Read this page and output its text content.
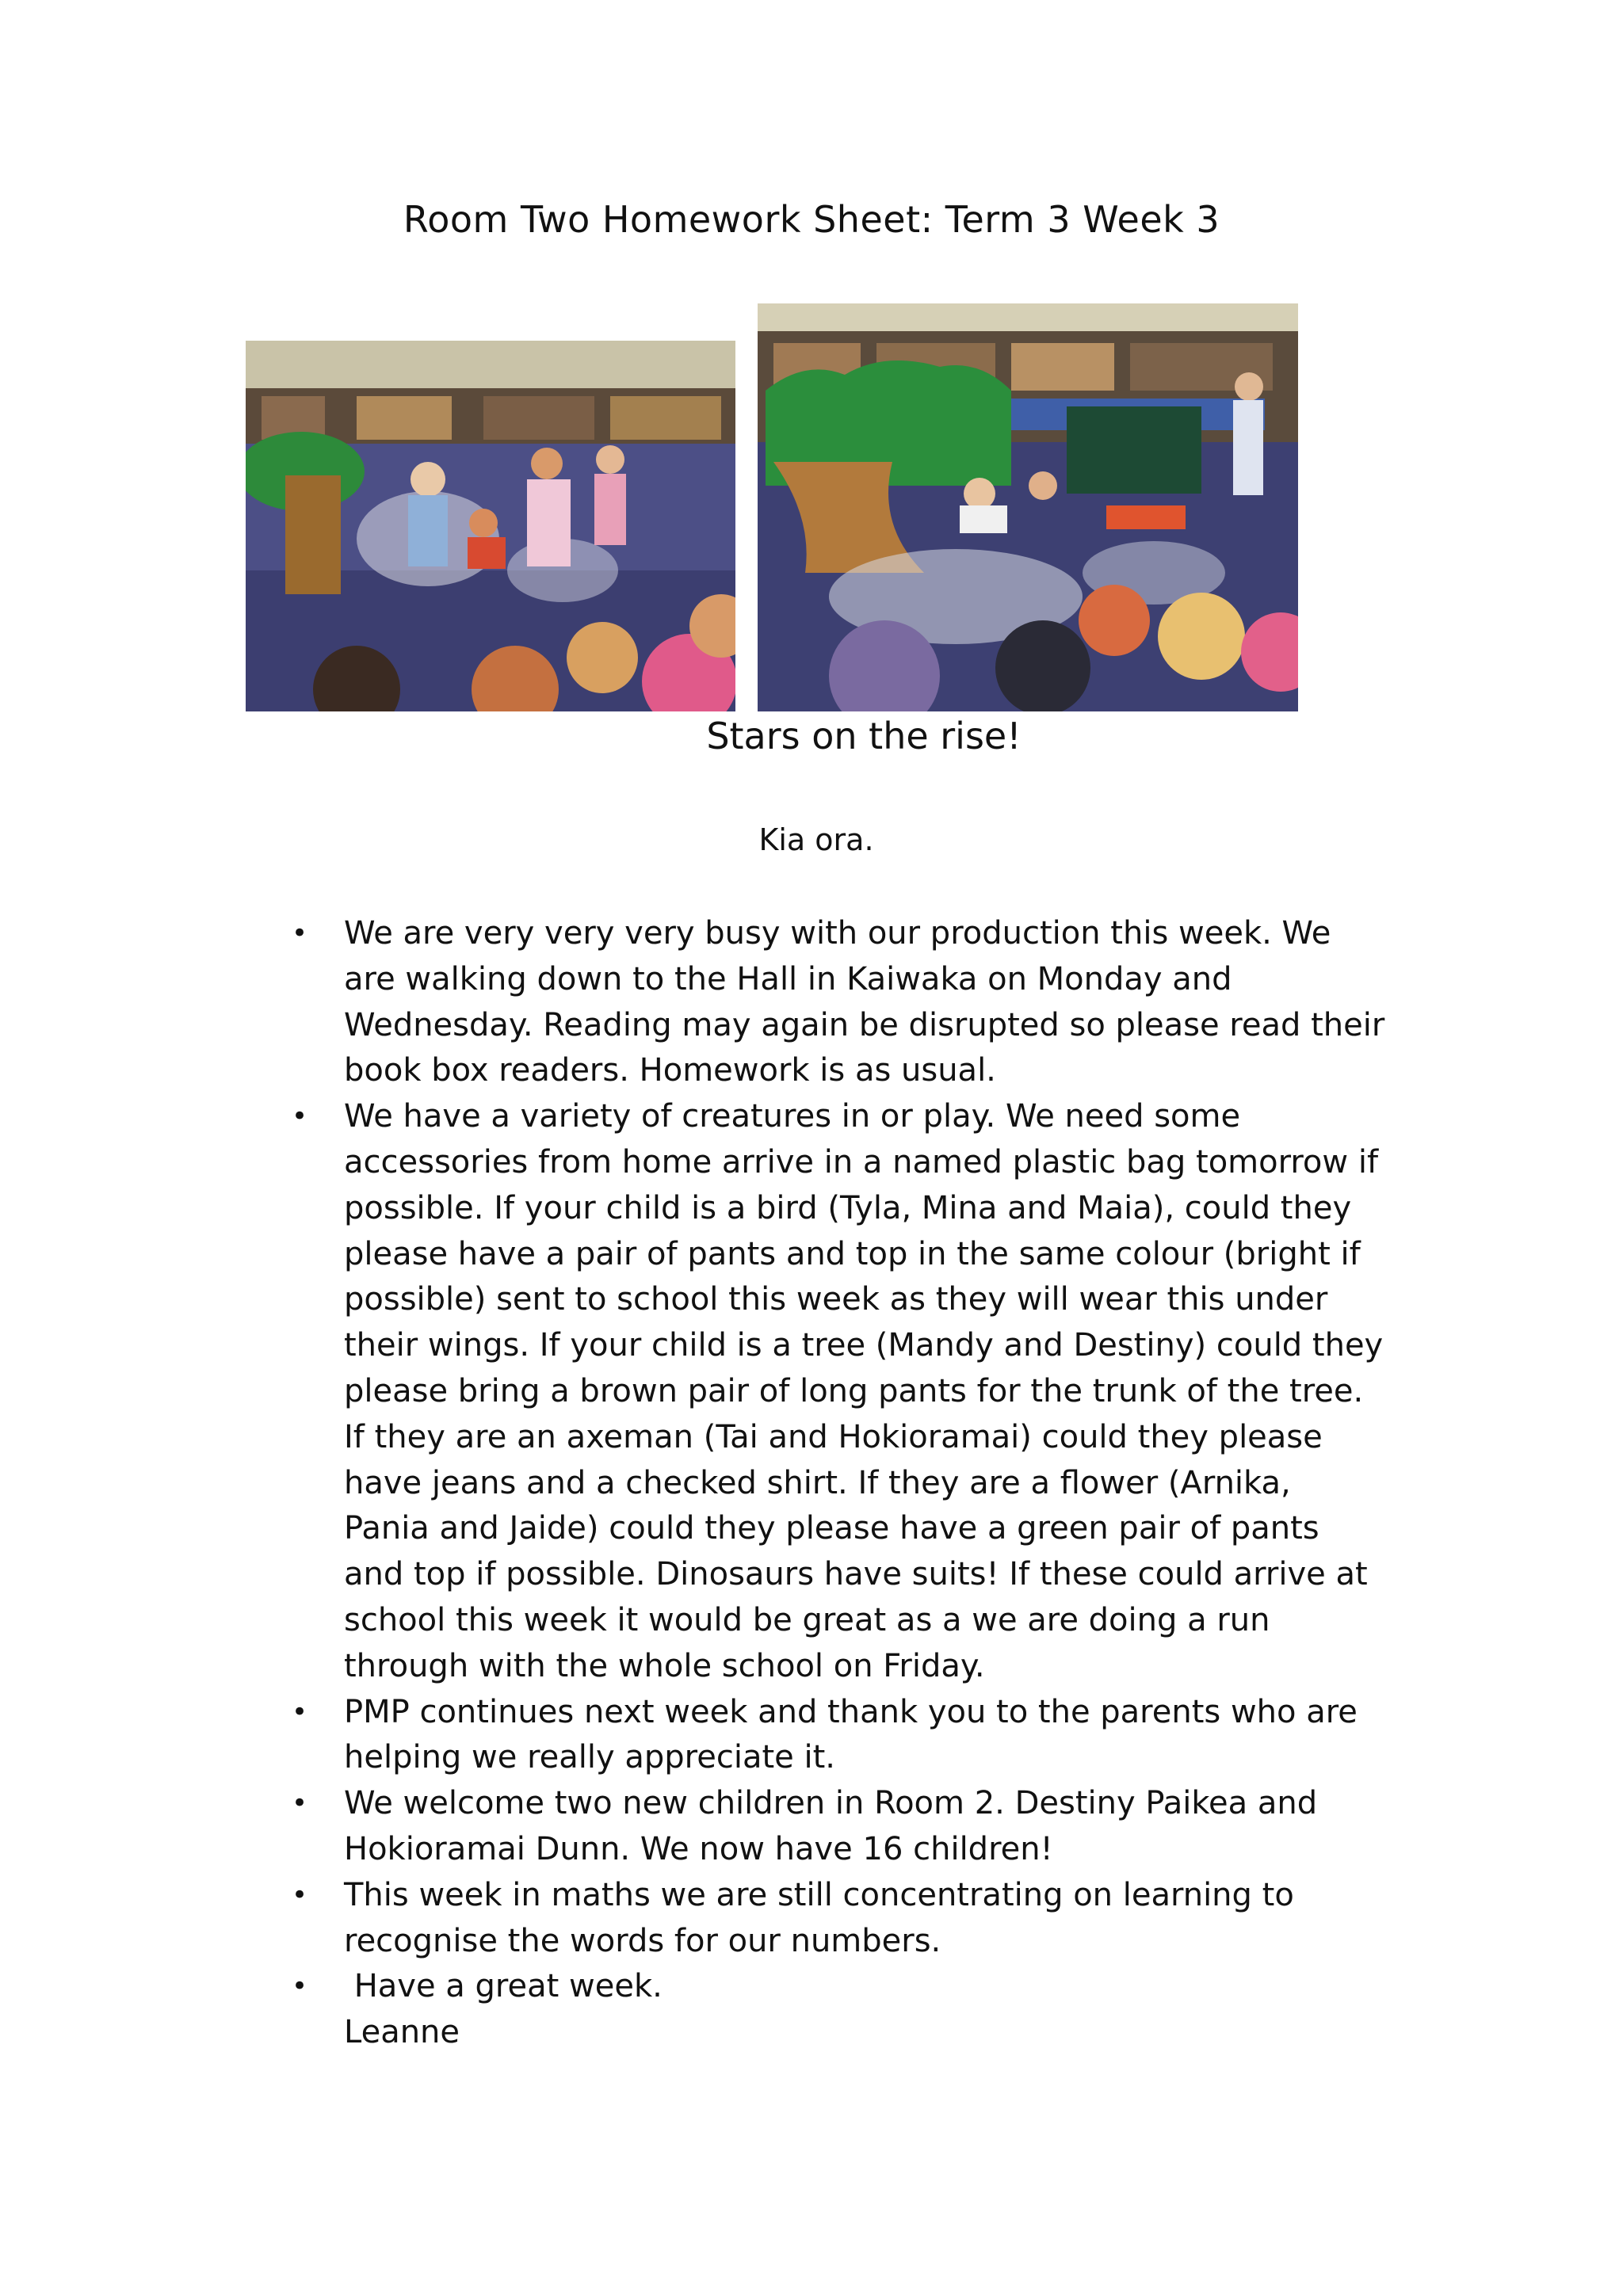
Room Two Homework Sheet: Term 3 Week 3
Stars on the rise!
Kia ora.
•	We are very very very busy with our production this week. We are walking down to the Hall in Kaiwaka on Monday and Wednesday. Reading may again be disrupted so please read their book box readers. Homework is as usual.
•	We have a variety of creatures in or play. We need some accessories from home arrive in a named plastic bag tomorrow if possible. If your child is a bird (Tyla, Mina and Maia), could they please have a pair of pants and top in the same colour (bright if possible) sent to school this week as they will wear this under their wings. If your child is a tree (Mandy and Destiny) could they please bring a brown pair of long pants for the trunk of the tree. If they are an axeman (Tai and Hokioramai) could they please have jeans and a checked shirt. If they are a flower (Arnika, Pania and Jaide) could they please have a green pair of pants and top if possible. Dinosaurs have suits! If these could arrive at school this week it would be great as a we are doing a run through with the whole school on Friday.
•	PMP continues next week and thank you to the parents who are helping we really appreciate it.
•	We welcome two new children in Room 2. Destiny Paikea and Hokioramai Dunn. We now have 16 children!
•	This week in maths we are still concentrating on learning to recognise the words for our numbers.
•	Have a great week.
Leanne
